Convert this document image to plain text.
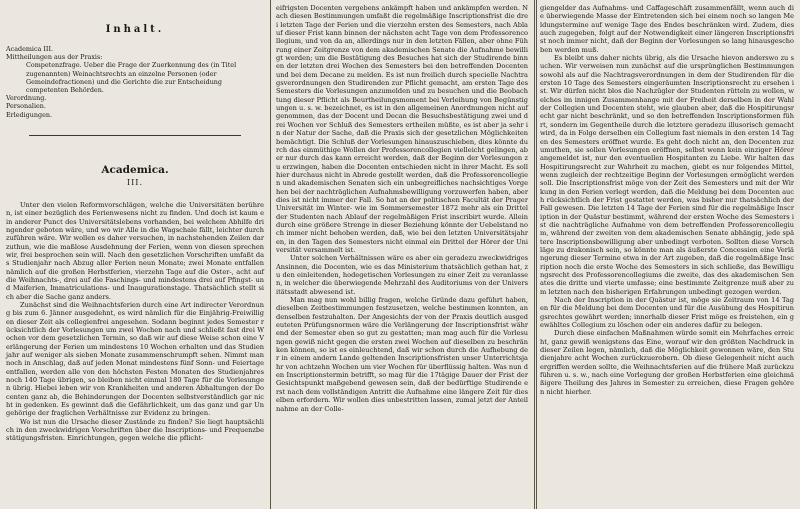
Inhalt.
Academica III.
Mittheilungen aus der Praxis:
Competenzfrage. Ueber die Frage der Zuerkennung des (in Titel zugenannten) Weinachtsrechts an einzelne Personen (oder Gemeindefractionen) und die Gerichte die zur Entscheidung competenten Behörden.
Verordnung.
Personalien.
Erledigungen.
Academica.
III.

Unter den vielen Reformvorschlägen, welche die Universitäten berühren, ist einer bezüglich des Ferienwesens nicht zu finden. Und doch ist kaum ein anderer Punct des Universitätslebens vorhanden, bei welchem Abhilfe dringender geboten wäre, und wo wir Alle in die Wagschale fällt, leichter durchzuführen wäre. Wir wollen es daher versuchen, in nachstehenden Zeilen darzuthun, wie die maßlose Ausdehnung der Ferien, wenn von diesen sprechen wir, frei besprochen sein will. Nach den gesetzlichen Vorschriften umfaßt das Studienjahr nach Abzug aller Ferien neun Monate; zwei Monate entfallen nämlich auf die großen Herbstferien, vierzehn Tage auf die Oster-, acht auf die Weihnachts-, drei auf die Faschings- und mindestens drei auf Pfingst- und Maiferien, Immatriculations- und Inaugurationstage. Thatsächlich stellt sich aber die Sache ganz anders.

Zunächst sind die Weihnachtsferien durch eine Art indirecter Verordnung bis zum 6. Jänner ausgedehnt, es wird nämlich für die Einjährig-Freiwilligen dieser Zeit als collegienfrei angesehen. Sodann beginnt jedes Semester rücksichtlich der Vorlesungen um zwei Wochen nach und schließt fast drei Wochen vor dem gesetzlichen Termin, so daß wir auf diese Weise schon eine Verlängerung der Ferien um mindestens 10 Wochen erhalten und das Studienjahr auf weniger als sieben Monate zusammenschrumpft sehen. Nimmt man noch in Anschlag, daß auf jeden Monat mindestens fünf Sonn- und Feiertage entfallen, werden alle von den höchsten Festen Monaten des Studienjahres noch 140 Tage übrigen, so bleiben nicht einmal 180 Tage für die Vorlesungen übrig. Hiebei leben wir von Krankheiten und anderen Abhaltungen der Docenten ganz ab, die Behinderungen der Docenten selbstverständlich gar nicht in gedenken. Es gewinnt daß die Gefährlichkeit, um das ganz und gar Ungehörige der fraglichen Verhältnisse zur Evidenz zu bringen.

Wo ist nun die Ursache dieser Zustände zu finden? Sie liegt hauptsächlich in den zweckwidrigen Vorschriften über die Inscriptions- und Frequenzbestätigungsfristen. Einrichtungen, gegen welche die pflicht-

eifrigsten Docenten vergebens ankämpft haben und ankämpfen werden. Nach diesen Bestimmungen umfaßt die regelmäßige Inscriptionsfrist die drei letzten Tage der Ferien und die vierzehn ersten des Semesters, nach Ablauf dieser Frist kann binnen der nächsten acht Tage von dem Professorencollegium, und von da an, allerdings nur in den letzten Fällen, aber ohne Führung einer Zeitgrenze von dem akademischen Senate die Aufnahme bewilligt werden; um die Bestätigung des Besuches hat sich der Studirende binnen der letzten drei Wochen des Semesters bei den betreffenden Docenten und bei dem Decane zu melden. Es ist nun freilich durch specielle Nachtragsverordnungen den Studirenden zur Pflicht gemacht, am ersten Tage des Semesters die Vorlesungen anzumelden und zu besuchen und die Beobachtung dieser Pflicht als Beurtheilungsmoment bei Verleihung von Begünstigungen u. s. w. bezeichnet, es ist in den allgemeinen Anordnungen nicht aufgenommen, das der Docent und Decan die Besuchsbestätigung zwei und drei Wochen vor Schluß des Semesters ertheilen müßte, es ist aber ja sehr in der Natur der Sache, daß die Praxis sich der gesetzlichen Möglichkeiten bemächtigt. Die Schluß der Vorlesungen hinauszuschieben, dies könnte durch das einmüthige Wollen der Professorencollegien vielleicht gelingen, aber nur durch das kann erreicht werden, daß der Beginn der Vorlesungen zu erzwingen, haben die Docenten entschieden nicht in ihrer Macht. Es soll hier durchaus nicht in Abrede gestellt werden, daß die Professorencollegien und akademischen Senaten sich ein unbegreifliches nachsichtiges Vorgehen bei der nachträglichen Aufnahmsbewilligung vorzuwerfen haben, aber dies ist nicht immer der Fall. So hat an der politischen Facultät der Prager Universität im Winter- wie im Sommersemester 1872 mehr als ein Drittel der Studenten nach Ablauf der regelmäßigen Frist inscribirt wurde. Allein durch eine größere Strenge in dieser Beziehung könnte der Uebelstand noch immer nicht behoben werden, daß, wie bei den letzten Universitätsjahren, in den Tagen des Semesters nicht einmal ein Drittel der Hörer der Universität versammelt ist.

Unter solchen Verhältnissen wäre es aber ein geradezu zweckwidriges Ansinnen, die Docenten, wie es das Ministerium thatsächlich gethan hat, zu den einleitenden, hodegetischen Vorlesungen zu einer Zeit zu veranlassen, in welcher die überwiegende Mehrzahl des Auditoriums von der Universitätsstadt abwesend ist.

Man mag nun wohl billig fragen, welche Gründe dazu geführt haben, dieselben Zeitbestimmungen festzusetzen, welche bestimmen konnten, an denselben festzuhalten. Der Angesichts der von der Praxis deutlich ausgedeuteten Prüfungsnormen wäre die Verlängerung der Inscriptionsfrist während der Semester eben so gut zu gestatten; man mag auch für die Vorlesungen gewiß nicht gegen die ersten zwei Wochen auf dieselben zu beschränken können, so ist es einleuchtend, daß wir schon durch die Aufhebung der in einem andern Lande geltenden Inscriptionsfristen unser Unterrichtsjahr von achtzehn Wochen um vier Wochen für überflüssig halten. Was nun den Inscriptionstermin betrifft, so mag für die 17tägige Dauer der Frist der Gesichtspunkt maßgebend gewesen sein, daß der bedürftige Studirende erst nach dem vollständigen Antritt die Aufnahme eine längere Zeit für dieselben erfordern. Wir wollen dies unbestritten lassen, zumal jetzt der Anteilnahme an der Colle-

giengelder das Aufnahms- und Caffageschäft zusammenfällt, wenn auch die überwiegende Masse der Eintretenden sich bei einem noch so langen Meldungstermine auf wenige Tage des Endes beschränken wird. Zudem, dies auch zugegeben, folgt auf der Notwendigkeit einer längeren Inscriptionsfrist noch immer nicht, daß der Beginn der Vorlesungen so lang hinausgeschoben werden muß.

Es bleibt uns daher nichts übrig, als die Ursache hievon anderswo zu suchen. Wir verweisen nun zunächst auf die ursprünglichen Bestimmungen sowohl als auf die Nachtragsverordnungen in dem der Studirenden für die ersten 10 Tage des Semesters eingeräumten Inscriptionsrecht zu ersehen ist. Wir dürfen nicht blos die Nachzügler der Studenten rütteln zu wollen, welches im innigen Zusammenhange mit der Freiheit derselben in der Wahl der Collegien und Docenten steht, wie glauben aber, daß die Hospitirungsrecht gar nicht beschränkt, und so den betreffenden Inscriptionsformen führt, sondern im Gegentheile durch die letztere geradezu illusorisch gemacht wird, da in Folge derselben ein Collegium fast niemals in den ersten 14 Tagen des Semesters eröffnet wurde. Es geht doch nicht an, den Docenten zuzumuthen, sie sollen Vorlesungen eröffnen, selbst wenn kein einziger Hörer angemeldet ist, nur den eventuellen Hospitanten zu Liebe. Wir halten das Hospitirungsrecht zur Wahrheit zu machen, giebt es nur folgendes Mittel, wenn zugleich der rechtzeitige Beginn der Vorlesungen ermöglicht werden soll. Die Inscriptionsfrist möge von der Zeit des Semesters und mit der Wirkung in den Ferien verlegt werden, daß die Meldung bei dem Docenten auch rücksichtlich der Frist gestattet werden, was bisher nur thatsächlich der Fall gewesen. Die letzten 14 Tage der Ferien sind für die regelmäßige Inscription in der Quästur bestimmt, während der ersten Woche des Semesters ist die nachträgliche Aufnahme von dem betreffenden Professorencollegium, während der zweiten von dem akademischen Senate abhängig, jede spätere Inscriptionsbewilligung aber unbedingt verboten. Sollten diese Vorschläge zu drakonisch sein, so könnte man als äußerste Concession eine Verlängerung dieser Termine etwa in der Art zugeben, daß die regelmäßige Inscription noch die erste Woche des Semesters in sich schließe, das Bewilligungsrecht des Professorencollegiums die zweite, das des akademischen Senates die dritte und vierte umfasse; eine bestimmte Zeitgrenze muß aber zum letzten nach den bisherigen Erfahrungen unbedingt gezogen werden.

Nach der Inscription in der Quästur ist, möge sie Zeitraum von 14 Tagen für die Meldung bei dem Docenten und für die Ausübung des Hospitirungsrechtes gewährt werden; innerhalb dieser Frist möge es freistehen, ein gewähltes Collegium zu löschen oder ein anderes dafür zu belegen.

Durch diese einfachen Maßnahmen würde somit ein Mehrfaches erreicht, ganz gewiß wenigstens das Eine, worauf wir den größten Nachdruck in dieser Zeilen legen, nämlich, daß die Möglichkeit gewonnen wäre, den Studienjahre acht Wochen zurückzuerobern. Ob diese Gelegenheit nicht auch ergriffen werden sollte, die Weihnachtsferien auf die frühere Maß zurückzuführen u. s. w., nach eine Vorlegung der großen Herbstferien eine gleichmäßigere Theilung des Jahres in Semester zu erreichen, diese Fragen gehören nicht hierher.
